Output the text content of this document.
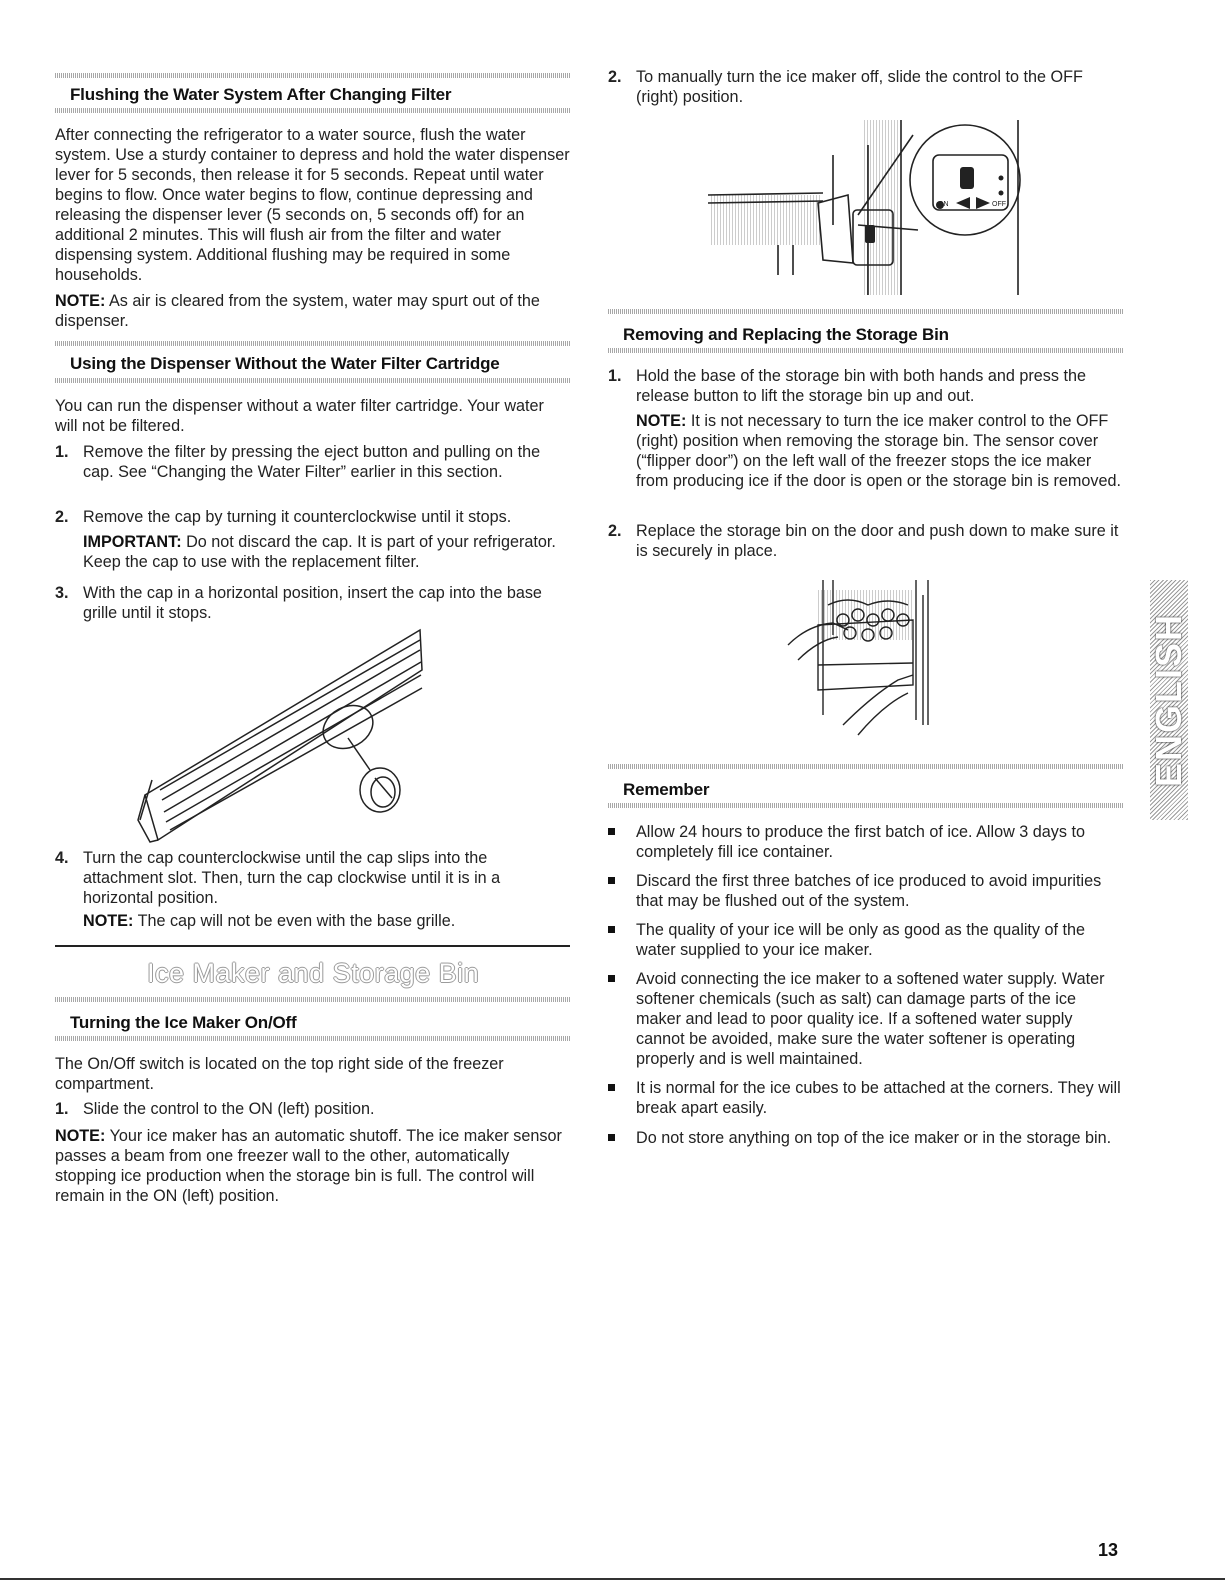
Flushing the Water System After Changing Filter

After connecting the refrigerator to a water source, flush the water system. Use a sturdy container to depress and hold the water dispenser lever for 5 seconds, then release it for 5 seconds. Repeat until water begins to flow. Once water begins to flow, continue depressing and releasing the dispenser lever (5 seconds on, 5 seconds off) for an additional 2 minutes. This will flush air from the filter and water dispensing system. Additional flushing may be required in some households.

NOTE: As air is cleared from the system, water may spurt out of the dispenser.

Using the Dispenser Without the Water Filter Cartridge

You can run the dispenser without a water filter cartridge. Your water will not be filtered.

1. Remove the filter by pressing the eject button and pulling on the cap. See “Changing the Water Filter” earlier in this section.

2. Remove the cap by turning it counterclockwise until it stops.

IMPORTANT: Do not discard the cap. It is part of your refrigerator. Keep the cap to use with the replacement filter.

3. With the cap in a horizontal position, insert the cap into the base grille until it stops.

4. Turn the cap counterclockwise until the cap slips into the attachment slot. Then, turn the cap clockwise until it is in a horizontal position.

NOTE: The cap will not be even with the base grille.

Ice Maker and Storage Bin
Turning the Ice Maker On/Off

The On/Off switch is located on the top right side of the freezer compartment.

1. Slide the control to the ON (left) position.

NOTE: Your ice maker has an automatic shutoff. The ice maker sensor passes a beam from one freezer wall to the other, automatically stopping ice production when the storage bin is full. The control will remain in the ON (left) position.

2. To manually turn the ice maker off, slide the control to the OFF (right) position.

ON	OFF
Removing and Replacing the Storage Bin

1. Hold the base of the storage bin with both hands and press the release button to lift the storage bin up and out.

NOTE: It is not necessary to turn the ice maker control to the OFF (right) position when removing the storage bin. The sensor cover (“flipper door”) on the left wall of the freezer stops the ice maker from producing ice if the door is open or the storage bin is removed.

2. Replace the storage bin on the door and push down to make sure it is securely in place.

Remember

Allow 24 hours to produce the first batch of ice. Allow 3 days to completely fill ice container.

Discard the first three batches of ice produced to avoid impurities that may be flushed out of the system.

The quality of your ice will be only as good as the quality of the water supplied to your ice maker.

Avoid connecting the ice maker to a softened water supply. Water softener chemicals (such as salt) can damage parts of the ice maker and lead to poor quality ice. If a softened water supply cannot be avoided, make sure the water softener is operating properly and is well maintained.

It is normal for the ice cubes to be attached at the corners. They will break apart easily.

Do not store anything on top of the ice maker or in the storage bin.

ENGLISH
13
